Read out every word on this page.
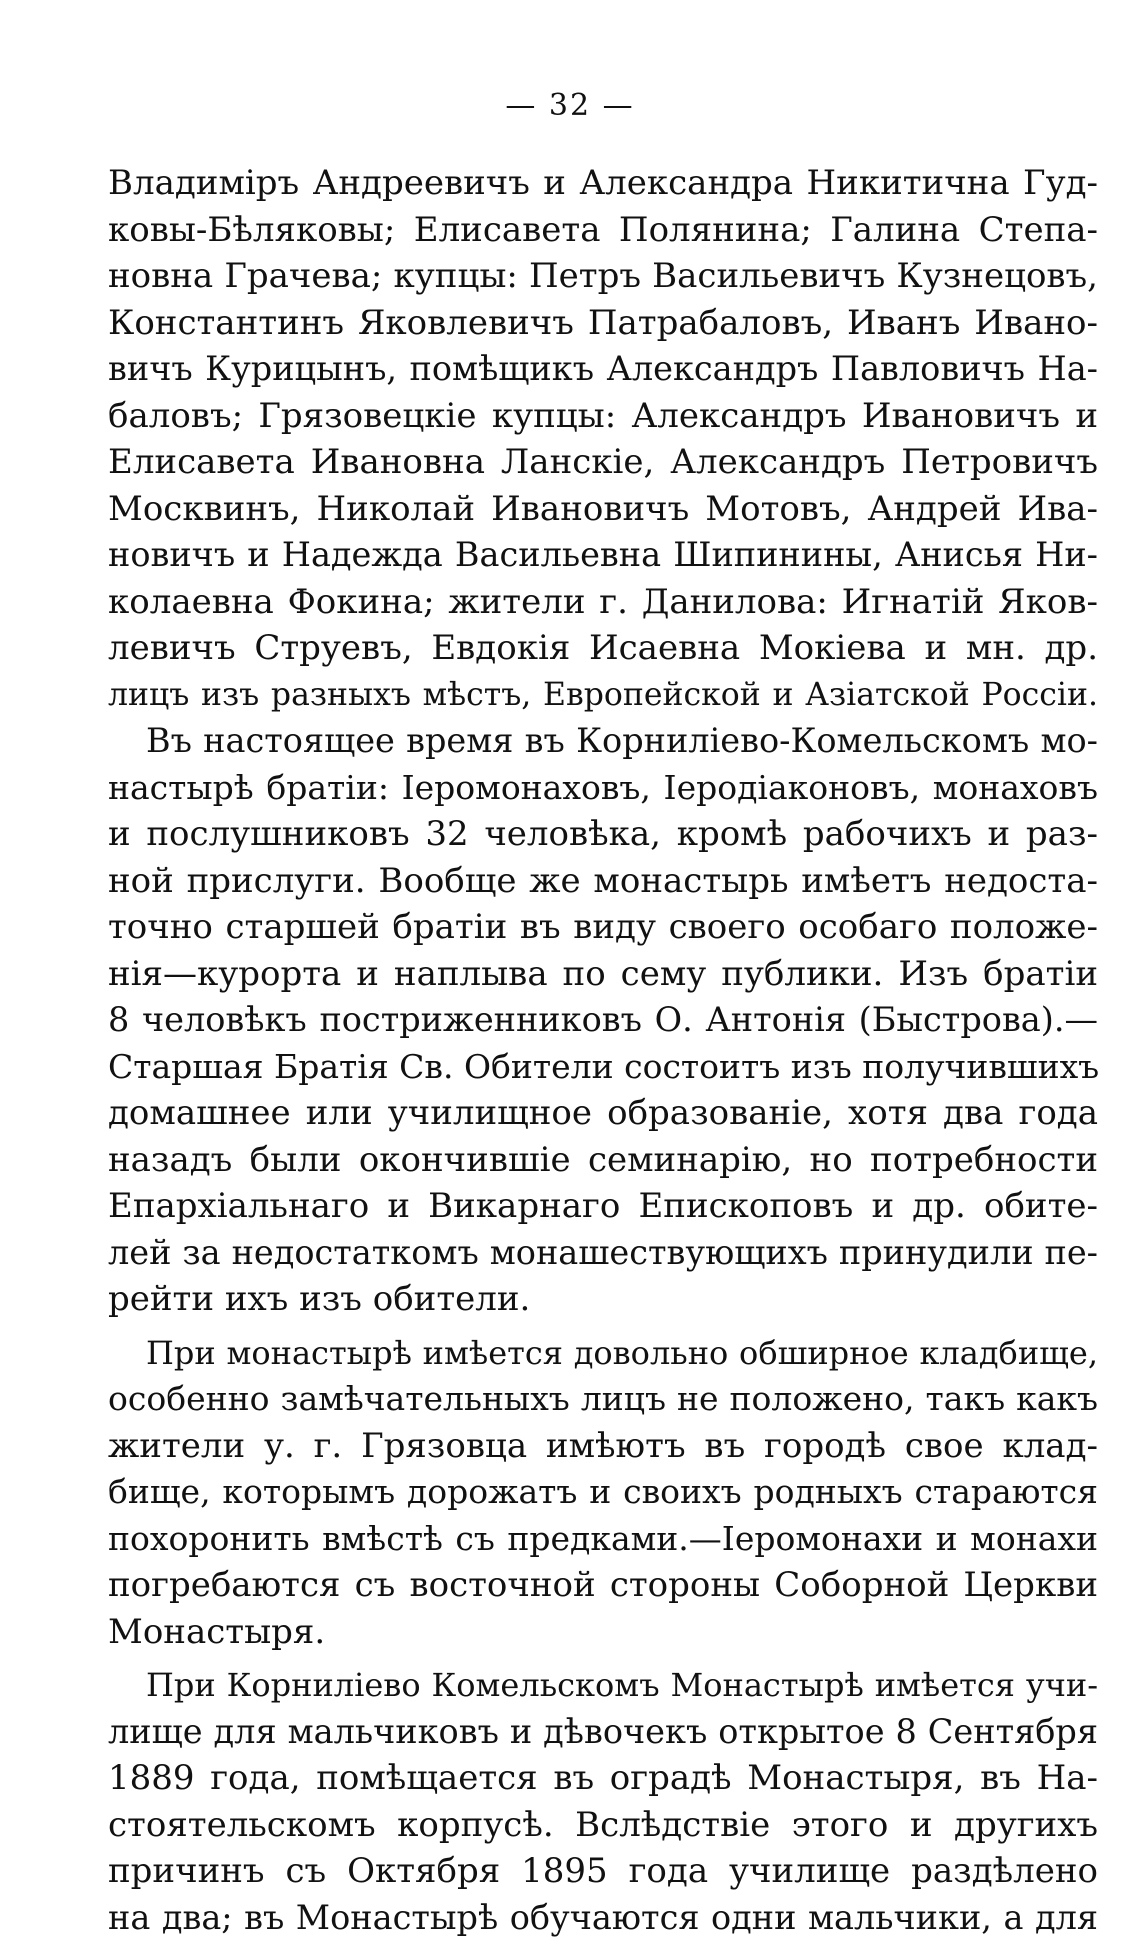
— 32 —
Владиміръ Андреевичъ и Александра Никитична Гуд-
ковы-Бѣляковы; Елисавета Полянина; Галина Степа-
новна Грачева; купцы: Петръ Васильевичъ Кузнецовъ,
Константинъ Яковлевичъ Патрабаловъ, Иванъ Ивано-
вичъ Курицынъ, помѣщикъ Александръ Павловичъ На-
баловъ; Грязовецкіе купцы: Александръ Ивановичъ и
Елисавета Ивановна Ланскіе, Александръ Петровичъ
Москвинъ, Николай Ивановичъ Мотовъ, Андрей Ива-
новичъ и Надежда Васильевна Шипинины, Анисья Ни-
колаевна Фокина; жители г. Данилова: Игнатій Яков-
левичъ Струевъ, Евдокія Исаевна Мокіева и мн. др.
лицъ изъ разныхъ мѣстъ, Европейской и Азіатской Россіи.
Въ настоящее время въ Корниліево-Комельскомъ мо-
настырѣ братіи: Іеромонаховъ, Іеродіаконовъ, монаховъ
и послушниковъ 32 человѣка, кромѣ рабочихъ и раз-
ной прислуги. Вообще же монастырь имѣетъ недоста-
точно старшей братіи въ виду своего особаго положе-
нія—курорта и наплыва по сему публики. Изъ братіи
8 человѣкъ постриженниковъ О. Антонія (Быстрова).—
Старшая Братія Св. Обители состоитъ изъ получившихъ
домашнее или училищное образованіе, хотя два года
назадъ были окончившіе семинарію, но потребности
Епархіальнаго и Викарнаго Епископовъ и др. обите-
лей за недостаткомъ монашествующихъ принудили пе-
рейти ихъ изъ обители.
При монастырѣ имѣется довольно обширное кладбище,
особенно замѣчательныхъ лицъ не положено, такъ какъ
жители у. г. Грязовца имѣютъ въ городѣ свое клад-
бище, которымъ дорожатъ и своихъ родныхъ стараются
похоронить вмѣстѣ съ предками.—Іеромонахи и монахи
погребаются съ восточной стороны Соборной Церкви
Монастыря.
При Корниліево Комельскомъ Монастырѣ имѣется учи-
лище для мальчиковъ и дѣвочекъ открытое 8 Сентября
1889 года, помѣщается въ оградѣ Монастыря, въ На-
стоятельскомъ корпусѣ. Вслѣдствіе этого и другихъ
причинъ съ Октября 1895 года училище раздѣлено
на два; въ Монастырѣ обучаются одни мальчики, а для
